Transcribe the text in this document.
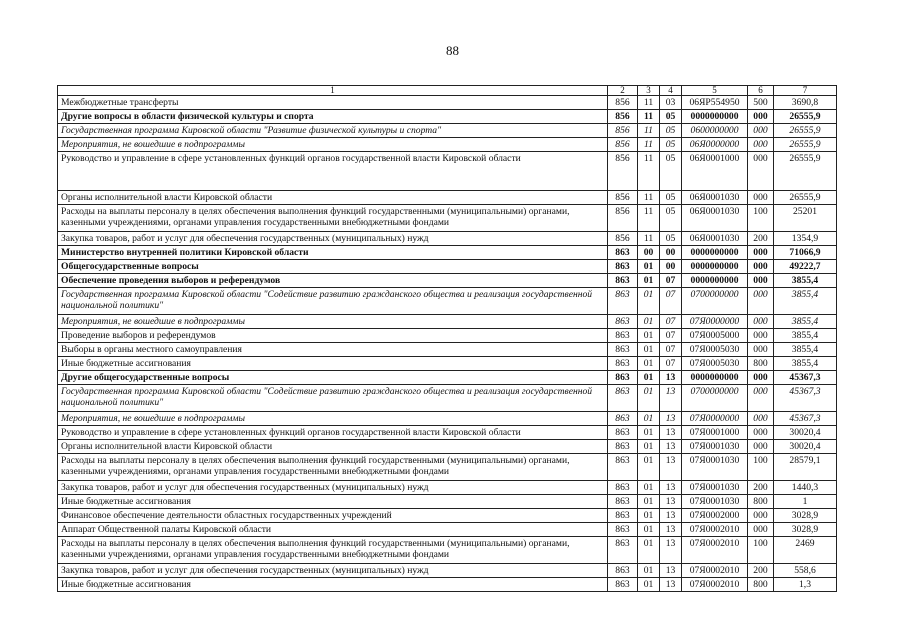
88
1	2	3	4	5	6	7
Межбюджетные трансферты	856	11	03	06ЯР554950	500	3690,8
Другие вопросы в области физической культуры и спорта	856	11	05	0000000000	000	26555,9
Государственная программа Кировской области "Развитие физической культуры и спорта"	856	11	05	0600000000	000	26555,9
Мероприятия, не вошедшие в подпрограммы	856	11	05	06Я0000000	000	26555,9
Руководство и управление в сфере установленных функций органов государственной власти Кировской области	856	11	05	06Я0001000	000	26555,9
Органы исполнительной власти Кировской области	856	11	05	06Я0001030	000	26555,9
Расходы на выплаты персоналу в целях обеспечения выполнения функций государственными (муниципальными) органами, казенными учреждениями, органами управления государственными внебюджетными фондами	856	11	05	06Я0001030	100	25201
Закупка товаров, работ и услуг для обеспечения государственных (муниципальных) нужд	856	11	05	06Я0001030	200	1354,9
Министерство внутренней политики Кировской области	863	00	00	0000000000	000	71066,9
Общегосударственные вопросы	863	01	00	0000000000	000	49222,7
Обеспечение проведения выборов и референдумов	863	01	07	0000000000	000	3855,4
Государственная программа Кировской области "Содействие развитию гражданского общества и реализация государственной национальной политики"	863	01	07	0700000000	000	3855,4
Мероприятия, не вошедшие в подпрограммы	863	01	07	07Я0000000	000	3855,4
Проведение выборов и референдумов	863	01	07	07Я0005000	000	3855,4
Выборы в органы местного самоуправления	863	01	07	07Я0005030	000	3855,4
Иные бюджетные ассигнования	863	01	07	07Я0005030	800	3855,4
Другие общегосударственные вопросы	863	01	13	0000000000	000	45367,3
Государственная программа Кировской области "Содействие развитию гражданского общества и реализация государственной национальной политики"	863	01	13	0700000000	000	45367,3
Мероприятия, не вошедшие в подпрограммы	863	01	13	07Я0000000	000	45367,3
Руководство и управление в сфере установленных функций органов государственной власти Кировской области	863	01	13	07Я0001000	000	30020,4
Органы исполнительной власти Кировской области	863	01	13	07Я0001030	000	30020,4
Расходы на выплаты персоналу в целях обеспечения выполнения функций государственными (муниципальными) органами, казенными учреждениями, органами управления государственными внебюджетными фондами	863	01	13	07Я0001030	100	28579,1
Закупка товаров, работ и услуг для обеспечения государственных (муниципальных) нужд	863	01	13	07Я0001030	200	1440,3
Иные бюджетные ассигнования	863	01	13	07Я0001030	800	1
Финансовое обеспечение деятельности областных государственных учреждений	863	01	13	07Я0002000	000	3028,9
Аппарат Общественной палаты Кировской области	863	01	13	07Я0002010	000	3028,9
Расходы на выплаты персоналу в целях обеспечения выполнения функций государственными (муниципальными) органами, казенными учреждениями, органами управления государственными внебюджетными фондами	863	01	13	07Я0002010	100	2469
Закупка товаров, работ и услуг для обеспечения государственных (муниципальных) нужд	863	01	13	07Я0002010	200	558,6
Иные бюджетные ассигнования	863	01	13	07Я0002010	800	1,3
